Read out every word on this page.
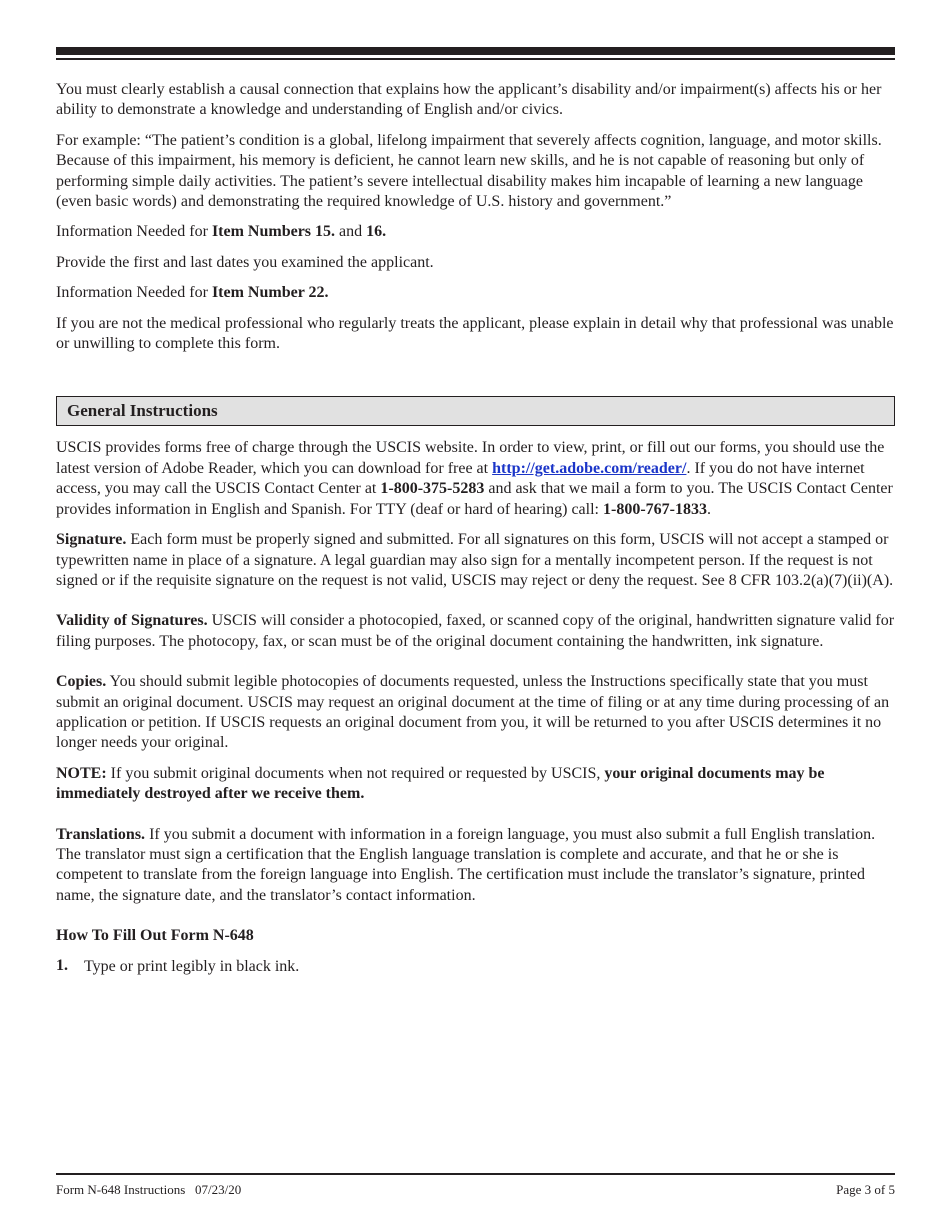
You must clearly establish a causal connection that explains how the applicant’s disability and/or impairment(s) affects his or her ability to demonstrate a knowledge and understanding of English and/or civics.

For example: “The patient’s condition is a global, lifelong impairment that severely affects cognition, language, and motor skills. Because of this impairment, his memory is deficient, he cannot learn new skills, and he is not capable of reasoning but only of performing simple daily activities. The patient’s severe intellectual disability makes him incapable of learning a new language (even basic words) and demonstrating the required knowledge of U.S. history and government.”

Information Needed for Item Numbers 15. and 16.

Provide the first and last dates you examined the applicant.

Information Needed for Item Number 22.

If you are not the medical professional who regularly treats the applicant, please explain in detail why that professional was unable or unwilling to complete this form.

General Instructions

USCIS provides forms free of charge through the USCIS website. In order to view, print, or fill out our forms, you should use the latest version of Adobe Reader, which you can download for free at http://get.adobe.com/reader/. If you do not have internet access, you may call the USCIS Contact Center at 1-800-375-5283 and ask that we mail a form to you. The USCIS Contact Center provides information in English and Spanish. For TTY (deaf or hard of hearing) call: 1-800-767-1833.

Signature. Each form must be properly signed and submitted. For all signatures on this form, USCIS will not accept a stamped or typewritten name in place of a signature. A legal guardian may also sign for a mentally incompetent person. If the request is not signed or if the requisite signature on the request is not valid, USCIS may reject or deny the request. See 8 CFR 103.2(a)(7)(ii)(A).

Validity of Signatures. USCIS will consider a photocopied, faxed, or scanned copy of the original, handwritten signature valid for filing purposes. The photocopy, fax, or scan must be of the original document containing the handwritten, ink signature.

Copies. You should submit legible photocopies of documents requested, unless the Instructions specifically state that you must submit an original document. USCIS may request an original document at the time of filing or at any time during processing of an application or petition. If USCIS requests an original document from you, it will be returned to you after USCIS determines it no longer needs your original.

NOTE: If you submit original documents when not required or requested by USCIS, your original documents may be immediately destroyed after we receive them.

Translations. If you submit a document with information in a foreign language, you must also submit a full English translation. The translator must sign a certification that the English language translation is complete and accurate, and that he or she is competent to translate from the foreign language into English. The certification must include the translator’s signature, printed name, the signature date, and the translator’s contact information.

How To Fill Out Form N-648

1.	Type or print legibly in black ink.

Form N-648 Instructions   07/23/20	Page 3 of 5
